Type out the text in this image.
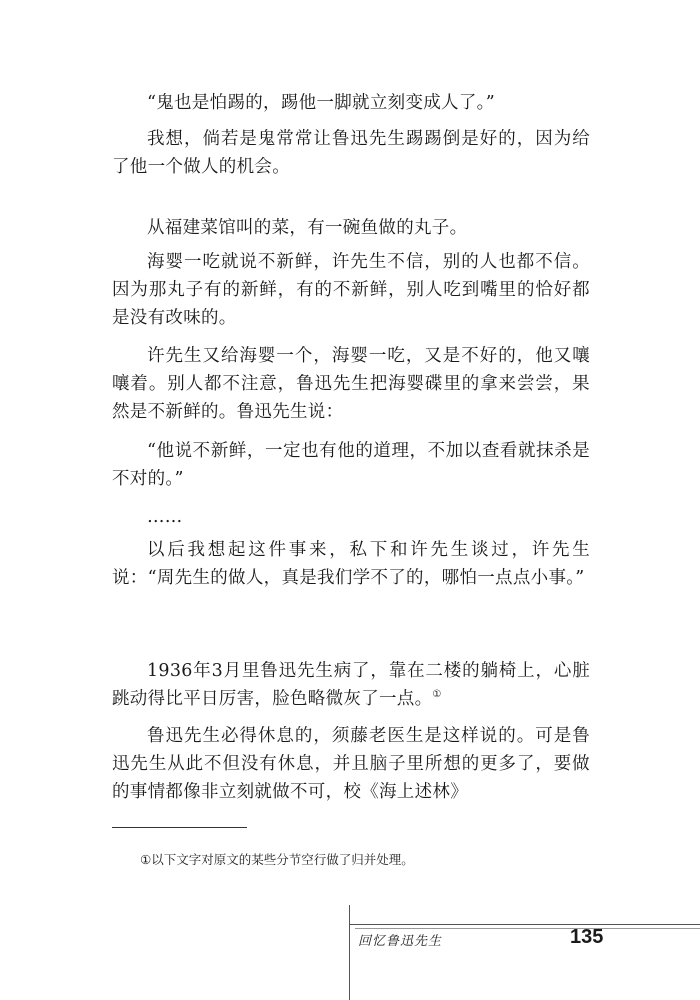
“鬼也是怕踢的，踢他一脚就立刻变成人了。”

我想，倘若是鬼常常让鲁迅先生踢踢倒是好的，因为给了他一个做人的机会。

从福建菜馆叫的菜，有一碗鱼做的丸子。

海婴一吃就说不新鲜，许先生不信，别的人也都不信。因为那丸子有的新鲜，有的不新鲜，别人吃到嘴里的恰好都是没有改味的。

许先生又给海婴一个，海婴一吃，又是不好的，他又嚷嚷着。别人都不注意，鲁迅先生把海婴碟里的拿来尝尝，果然是不新鲜的。鲁迅先生说：

“他说不新鲜，一定也有他的道理，不加以查看就抹杀是不对的。”

……

以后我想起这件事来，私下和许先生谈过，许先生说：“周先生的做人，真是我们学不了的，哪怕一点点小事。”

1936年3月里鲁迅先生病了，靠在二楼的躺椅上，心脏跳动得比平日厉害，脸色略微灰了一点。①

鲁迅先生必得休息的，须藤老医生是这样说的。可是鲁迅先生从此不但没有休息，并且脑子里所想的更多了，要做的事情都像非立刻就做不可，校《海上述林》

①以下文字对原文的某些分节空行做了归并处理。
回忆鲁迅先生	135
